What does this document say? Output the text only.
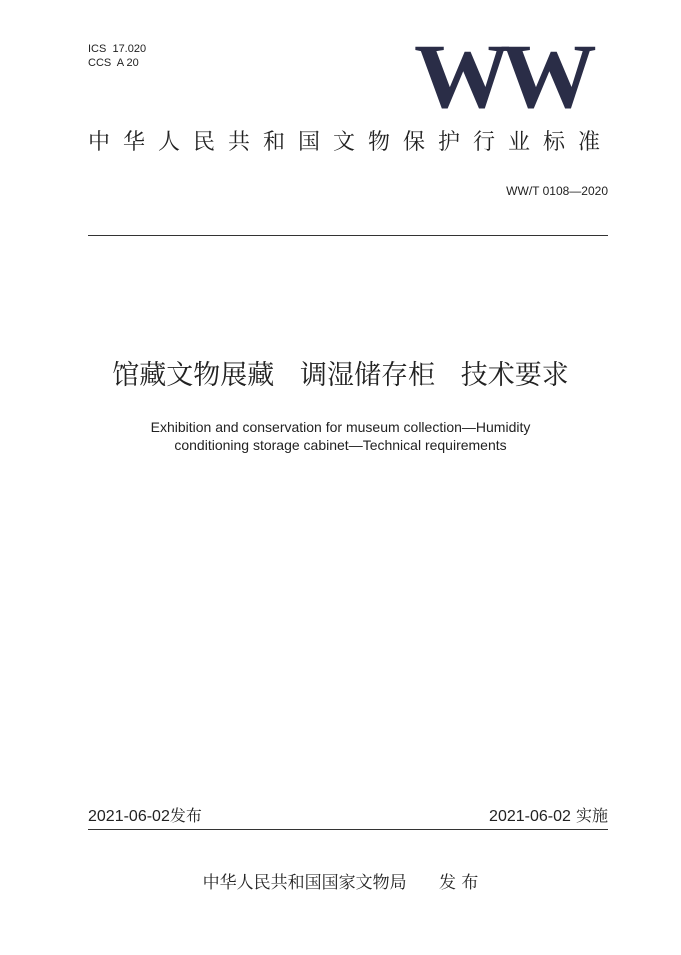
ICS  17.020
CCS  A 20	WW
中华人民共和国文物保护行业标准
WW/T 0108—2020
馆藏文物展藏   调湿储存柜   技术要求
Exhibition and conservation for museum collection—Humidity
conditioning storage cabinet—Technical requirements
2021-06-02发布	2021-06-02 实施
中华人民共和国国家文物局 发 布
